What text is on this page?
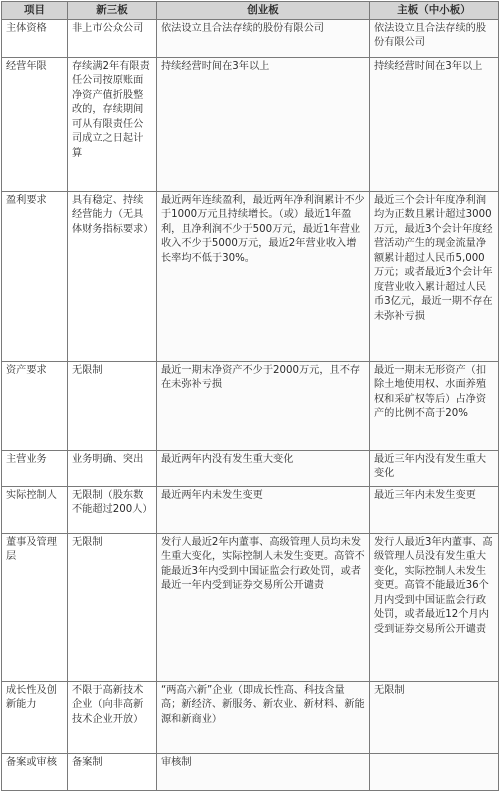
项目	新三板	创业板	主板（中小板）
主体资格	非上市公众公司	依法设立且合法存续的股份有限公司	依法设立且合法存续的股份有限公司
经营年限	存续满2年有限责任公司按原账面净资产值折股整改的，存续期间可从有限责任公司成立之日起计算	持续经营时间在3年以上	持续经营时间在3年以上
盈利要求	具有稳定、持续经营能力（无具体财务指标要求）	最近两年连续盈利，最近两年净利润累计不少于1000万元且持续增长。（或）最近1年盈利，且净利润不少于500万元，最近1年营业收入不少于5000万元，最近2年营业收入增长率均不低于30%。	最近三个会计年度净利润均为正数且累计超过3000万元，最近3个会计年度经营活动产生的现金流量净额累计超过人民币5,000万元；或者最近3个会计年度营业收入累计超过人民币3亿元，最近一期不存在未弥补亏损
资产要求	无限制	最近一期末净资产不少于2000万元，且不存在未弥补亏损	最近一期末无形资产（扣除土地使用权、水面养殖权和采矿权等后）占净资产的比例不高于20%
主营业务	业务明确、突出	最近两年内没有发生重大变化	最近三年内没有发生重大变化
实际控制人	无限制（股东数不能超过200人）	最近两年内未发生变更	最近三年内未发生变更
董事及管理层	无限制	发行人最近2年内董事、高级管理人员均未发生重大变化，实际控制人未发生变更。高管不能最近3年内受到中国证监会行政处罚，或者最近一年内受到证券交易所公开谴责	发行人最近3年内董事、高级管理人员没有发生重大变化，实际控制人未发生变更。高管不能最近36个月内受到中国证监会行政处罚，或者最近12个月内受到证券交易所公开谴责
成长性及创新能力	不限于高新技术企业（向非高新技术企业开放）	“两高六新”企业（即成长性高、科技含量高；新经济、新服务、新农业、新材料、新能源和新商业）	无限制
备案或审核	备案制	审核制	
